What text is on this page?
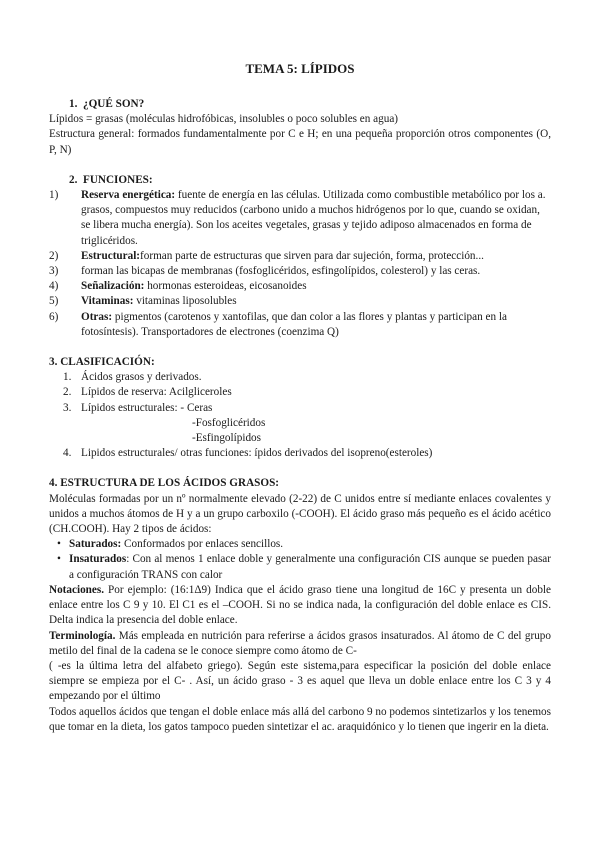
TEMA 5: LÍPIDOS
1. ¿QUÉ SON?
Lípidos = grasas (moléculas hidrofóbicas, insolubles o poco solubles en agua)
Estructura general: formados fundamentalmente por C e H; en una pequeña proporción otros componentes (O, P, N)
2. FUNCIONES:
1) Reserva energética: fuente de energía en las células. Utilizada como combustible metabólico por los a. grasos, compuestos muy reducidos (carbono unido a muchos hidrógenos por lo que, cuando se oxidan, se libera mucha energía). Son los aceites vegetales, grasas y tejido adiposo almacenados en forma de triglicéridos.
2) Estructural:forman parte de estructuras que sirven para dar sujeción, forma, protección...
3) forman las bicapas de membranas (fosfoglicéridos, esfingolípidos, colesterol) y las ceras.
4) Señalización: hormonas esteroideas, eicosanoides
5) Vitaminas: vitaminas liposolubles
6) Otras: pigmentos (carotenos y xantofilas, que dan color a las flores y plantas y participan en la fotosíntesis). Transportadores de electrones (coenzima Q)
3. CLASIFICACIÓN:
1. Ácidos grasos y derivados.
2. Lípidos de reserva: Acilgliceroles
3. Lípidos estructurales: - Ceras
-Fosfoglicéridos
-Esfingolípidos
4. Lipidos estructurales/ otras funciones: ípidos derivados del isopreno(esteroles)
4. ESTRUCTURA DE LOS ÁCIDOS GRASOS:
Moléculas formadas por un nº normalmente elevado (2-22) de C unidos entre sí mediante enlaces covalentes y unidos a muchos átomos de H y a un grupo carboxilo (-COOH). El ácido graso más pequeño es el ácido acético (CH.COOH). Hay 2 tipos de ácidos:
• Saturados: Conformados por enlaces sencillos.
• Insaturados: Con al menos 1 enlace doble y generalmente una configuración CIS aunque se pueden pasar a configuración TRANS con calor
Notaciones. Por ejemplo: (16:1Δ9) Indica que el ácido graso tiene una longitud de 16C y presenta un doble enlace entre los C 9 y 10. El C1 es el –COOH. Si no se indica nada, la configuración del doble enlace es CIS. Delta indica la presencia del doble enlace.
Terminología. Más empleada en nutrición para referirse a ácidos grasos insaturados. Al átomo de C del grupo metilo del final de la cadena se le conoce siempre como átomo de C-
( -es la última letra del alfabeto griego). Según este sistema,para especificar la posición del doble enlace siempre se empieza por el C- . Así, un ácido graso - 3 es aquel que lleva un doble enlace entre los C 3 y 4 empezando por el último
Todos aquellos ácidos que tengan el doble enlace más allá del carbono 9 no podemos sintetizarlos y los tenemos que tomar en la dieta, los gatos tampoco pueden sintetizar el ac. araquidónico y lo tienen que ingerir en la dieta.
